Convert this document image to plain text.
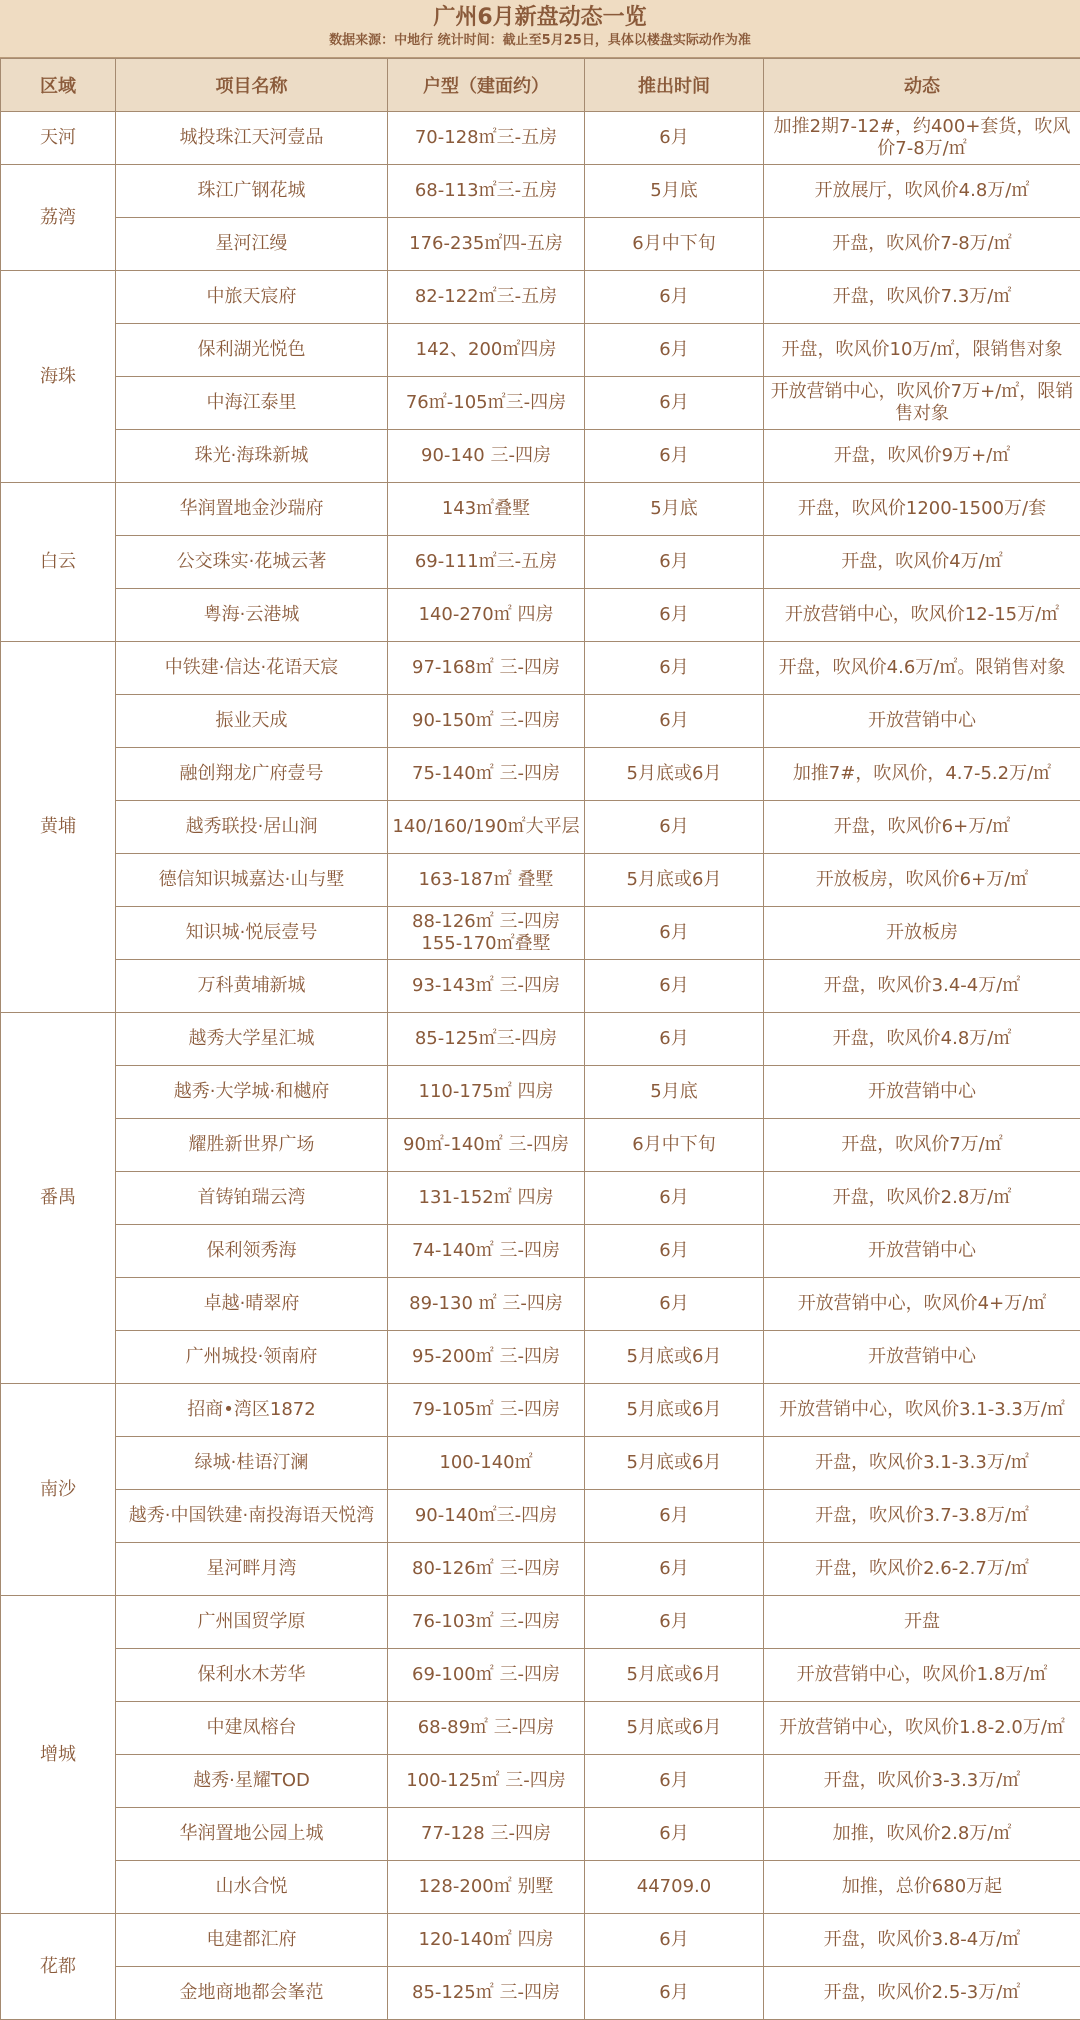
广州6月新盘动态一览
数据来源：中地行 统计时间：截止至5月25日，具体以楼盘实际动作为准
区域	项目名称	户型（建面约）	推出时间	动态
天河	城投珠江天河壹品	70-128㎡三-五房	6月	加推2期7-12#，约400+套货，吹风价7-8万/㎡
荔湾	珠江广钢花城	68-113㎡三-五房	5月底	开放展厅，吹风价4.8万/㎡
	星河江缦	176-235㎡四-五房	6月中下旬	开盘，吹风价7-8万/㎡
海珠	中旅天宸府	82-122㎡三-五房	6月	开盘，吹风价7.3万/㎡
	保利湖光悦色	142、200㎡四房	6月	开盘，吹风价10万/㎡，限销售对象
	中海江泰里	76㎡-105㎡三-四房	6月	开放营销中心，吹风价7万+/㎡，限销售对象
	珠光·海珠新城	90-140 三-四房	6月	开盘，吹风价9万+/㎡
白云	华润置地金沙瑞府	143㎡叠墅	5月底	开盘，吹风价1200-1500万/套
	公交珠实·花城云著	69-111㎡三-五房	6月	开盘，吹风价4万/㎡
	粤海·云港城	140-270㎡ 四房	6月	开放营销中心，吹风价12-15万/㎡
黄埔	中铁建·信达·花语天宸	97-168㎡ 三-四房	6月	开盘，吹风价4.6万/㎡。限销售对象
	振业天成	90-150㎡ 三-四房	6月	开放营销中心
	融创翔龙广府壹号	75-140㎡ 三-四房	5月底或6月	加推7#，吹风价，4.7-5.2万/㎡
	越秀联投·居山涧	140/160/190㎡大平层	6月	开盘，吹风价6+万/㎡
	德信知识城嘉达·山与墅	163-187㎡ 叠墅	5月底或6月	开放板房，吹风价6+万/㎡
	知识城·悦辰壹号	88-126㎡ 三-四房 155-170㎡叠墅	6月	开放板房
	万科黄埔新城	93-143㎡ 三-四房	6月	开盘，吹风价3.4-4万/㎡
番禺	越秀大学星汇城	85-125㎡三-四房	6月	开盘，吹风价4.8万/㎡
	越秀·大学城·和樾府	110-175㎡ 四房	5月底	开放营销中心
	耀胜新世界广场	90㎡-140㎡ 三-四房	6月中下旬	开盘，吹风价7万/㎡
	首铸铂瑞云湾	131-152㎡ 四房	6月	开盘，吹风价2.8万/㎡
	保利领秀海	74-140㎡ 三-四房	6月	开放营销中心
	卓越·晴翠府	89-130 ㎡ 三-四房	6月	开放营销中心，吹风价4+万/㎡
	广州城投·领南府	95-200㎡ 三-四房	5月底或6月	开放营销中心
南沙	招商•湾区1872	79-105㎡ 三-四房	5月底或6月	开放营销中心，吹风价3.1-3.3万/㎡
	绿城·桂语汀澜	100-140㎡	5月底或6月	开盘，吹风价3.1-3.3万/㎡
	越秀·中国铁建·南投海语天悦湾	90-140㎡三-四房	6月	开盘，吹风价3.7-3.8万/㎡
	星河畔月湾	80-126㎡ 三-四房	6月	开盘，吹风价2.6-2.7万/㎡
增城	广州国贸学原	76-103㎡ 三-四房	6月	开盘
	保利水木芳华	69-100㎡ 三-四房	5月底或6月	开放营销中心，吹风价1.8万/㎡
	中建凤榕台	68-89㎡ 三-四房	5月底或6月	开放营销中心，吹风价1.8-2.0万/㎡
	越秀·星耀TOD	100-125㎡ 三-四房	6月	开盘，吹风价3-3.3万/㎡
	华润置地公园上城	77-128 三-四房	6月	加推，吹风价2.8万/㎡
	山水合悦	128-200㎡ 别墅	44709.0	加推，总价680万起
花都	电建都汇府	120-140㎡ 四房	6月	开盘，吹风价3.8-4万/㎡
	金地商地都会峯范	85-125㎡ 三-四房	6月	开盘，吹风价2.5-3万/㎡
